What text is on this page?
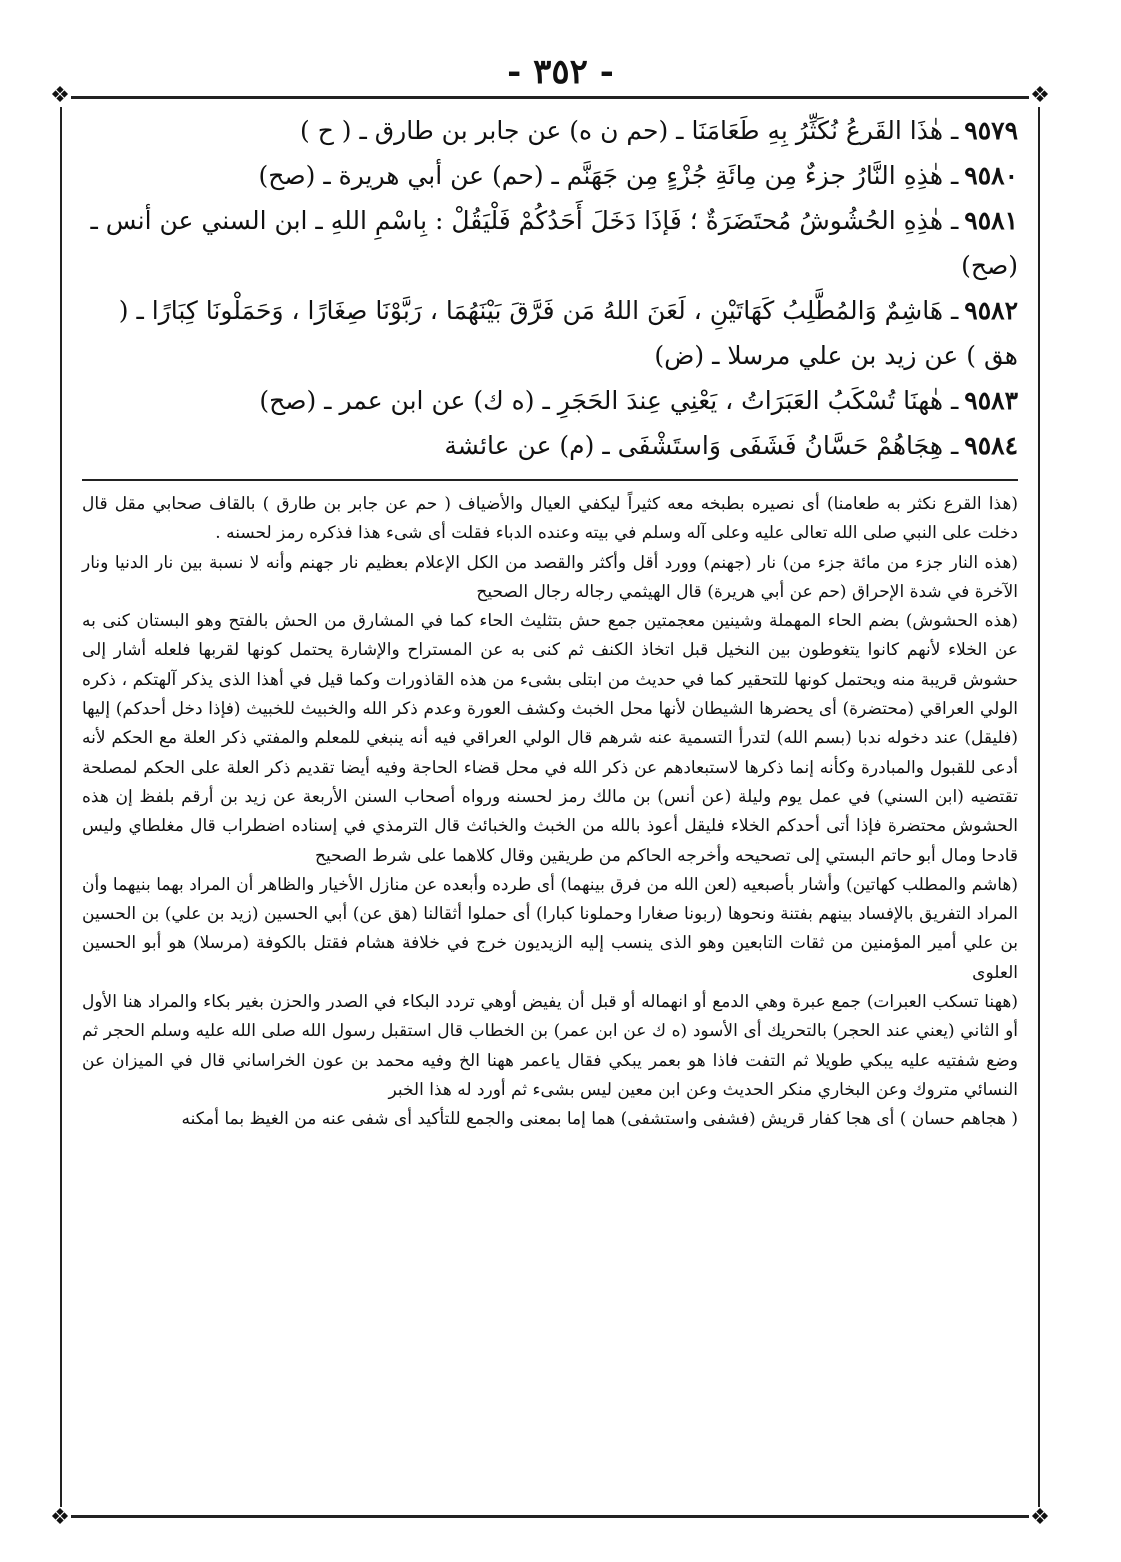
- ٣٥٢ -
❖	❖
❖	❖

٩٥٧٩ـ هٰذَا القَرعُ نُكَثِّرُ بِهِ طَعَامَنَا ـ (حم ن ه) عن جابر بن طارق ـ ( ح )

٩٥٨٠ـ هٰذِهِ النَّارُ جزءٌ مِن مِائَةِ جُزْءٍ مِن جَهَنَّم ـ (حم) عن أبي هريرة ـ (صح)

٩٥٨١ـ هٰذِهِ الحُشُوشُ مُحتَضَرَةٌ ؛ فَإذَا دَخَلَ أَحَدُكُمْ فَلْيَقُلْ : بِاسْمِ اللهِ ـ ابن السني عن أنس ـ (صح)

٩٥٨٢ـ هَاشِمٌ وَالمُطَّلِبُ كَهَاتَيْنِ ، لَعَنَ اللهُ مَن فَرَّقَ بَيْنَهُمَا ، رَبَّوْنَا صِغَارًا ، وَحَمَلْونَا كِبَارًا ـ ( هق ) عن زيد بن علي مرسلا ـ (ض)

٩٥٨٣ـ هٰهنَا تُسْكَبُ العَبَرَاتُ ، يَعْنِي عِندَ الحَجَرِ ـ (ه ك) عن ابن عمر ـ (صح)

٩٥٨٤ـ هِجَاهُمْ حَسَّانُ فَشَفَى وَاستَشْفَى ـ (م) عن عائشة

(هذا القرع نكثر به طعامنا) أى نصيره بطبخه معه كثيراً ليكفي العيال والأضياف ( حم عن جابر بن طارق ) بالقاف صحابي مقل قال دخلت على النبي صلى الله تعالى عليه وعلى آله وسلم في بيته وعنده الدباء فقلت أى شىء هذا فذكره رمز لحسنه .

(هذه النار جزء من مائة جزء من) نار (جهنم) وورد أقل وأكثر والقصد من الكل الإعلام بعظيم نار جهنم وأنه لا نسبة بين نار الدنيا ونار الآخرة في شدة الإحراق (حم عن أبي هريرة) قال الهيثمي رجاله رجال الصحيح

(هذه الحشوش) بضم الحاء المهملة وشينين معجمتين جمع حش بتثليث الحاء كما في المشارق من الحش بالفتح وهو البستان كنى به عن الخلاء لأنهم كانوا يتغوطون بين النخيل قبل اتخاذ الكنف ثم كنى به عن المستراح والإشارة يحتمل كونها لقربها فلعله أشار إلى حشوش قريبة منه ويحتمل كونها للتحقير كما في حديث من ابتلى بشىء من هذه القاذورات وكما قيل في أهذا الذى يذكر آلهتكم ، ذكره الولي العراقي (محتضرة) أى يحضرها الشيطان لأنها محل الخبث وكشف العورة وعدم ذكر الله والخبيث للخبيث (فإذا دخل أحدكم) إليها (فليقل) عند دخوله ندبا (بسم الله) لتدرأ التسمية عنه شرهم قال الولي العراقي فيه أنه ينبغي للمعلم والمفتي ذكر العلة مع الحكم لأنه أدعى للقبول والمبادرة وكأنه إنما ذكرها لاستبعادهم عن ذكر الله في محل قضاء الحاجة وفيه أيضا تقديم ذكر العلة على الحكم لمصلحة تقتضيه (ابن السني) في عمل يوم وليلة (عن أنس) بن مالك رمز لحسنه ورواه أصحاب السنن الأربعة عن زيد بن أرقم بلفظ إن هذه الحشوش محتضرة فإذا أتى أحدكم الخلاء فليقل أعوذ بالله من الخبث والخبائث قال الترمذي في إسناده اضطراب قال مغلطاي وليس قادحا ومال أبو حاتم البستي إلى تصحيحه وأخرجه الحاكم من طريقين وقال كلاهما على شرط الصحيح

(هاشم والمطلب كهاتين) وأشار بأصبعيه (لعن الله من فرق بينهما) أى طرده وأبعده عن منازل الأخيار والظاهر أن المراد بهما بنيهما وأن المراد التفريق بالإفساد بينهم بفتنة ونحوها (ربونا صغارا وحملونا كبارا) أى حملوا أثقالنا (هق عن) أبي الحسين (زيد بن علي) بن الحسين بن علي أمير المؤمنين من ثقات التابعين وهو الذى ينسب إليه الزيديون خرج في خلافة هشام فقتل بالكوفة (مرسلا) هو أبو الحسين العلوى

(ههنا تسكب العبرات) جمع عبرة وهي الدمع أو انهماله أو قبل أن يفيض أوهي تردد البكاء في الصدر والحزن بغير بكاء والمراد هنا الأول أو الثاني (يعني عند الحجر) بالتحريك أى الأسود (ه ك عن ابن عمر) بن الخطاب قال استقبل رسول الله صلى الله عليه وسلم الحجر ثم وضع شفتيه عليه يبكي طويلا ثم التفت فاذا هو بعمر يبكي فقال ياعمر ههنا الخ وفيه محمد بن عون الخراساني قال في الميزان عن النسائي متروك وعن البخاري منكر الحديث وعن ابن معين ليس بشىء ثم أورد له هذا الخبر

( هجاهم حسان ) أى هجا كفار قريش (فشفى واستشفى) هما إما بمعنى والجمع للتأكيد أى شفى عنه من الغيظ بما أمكنه
